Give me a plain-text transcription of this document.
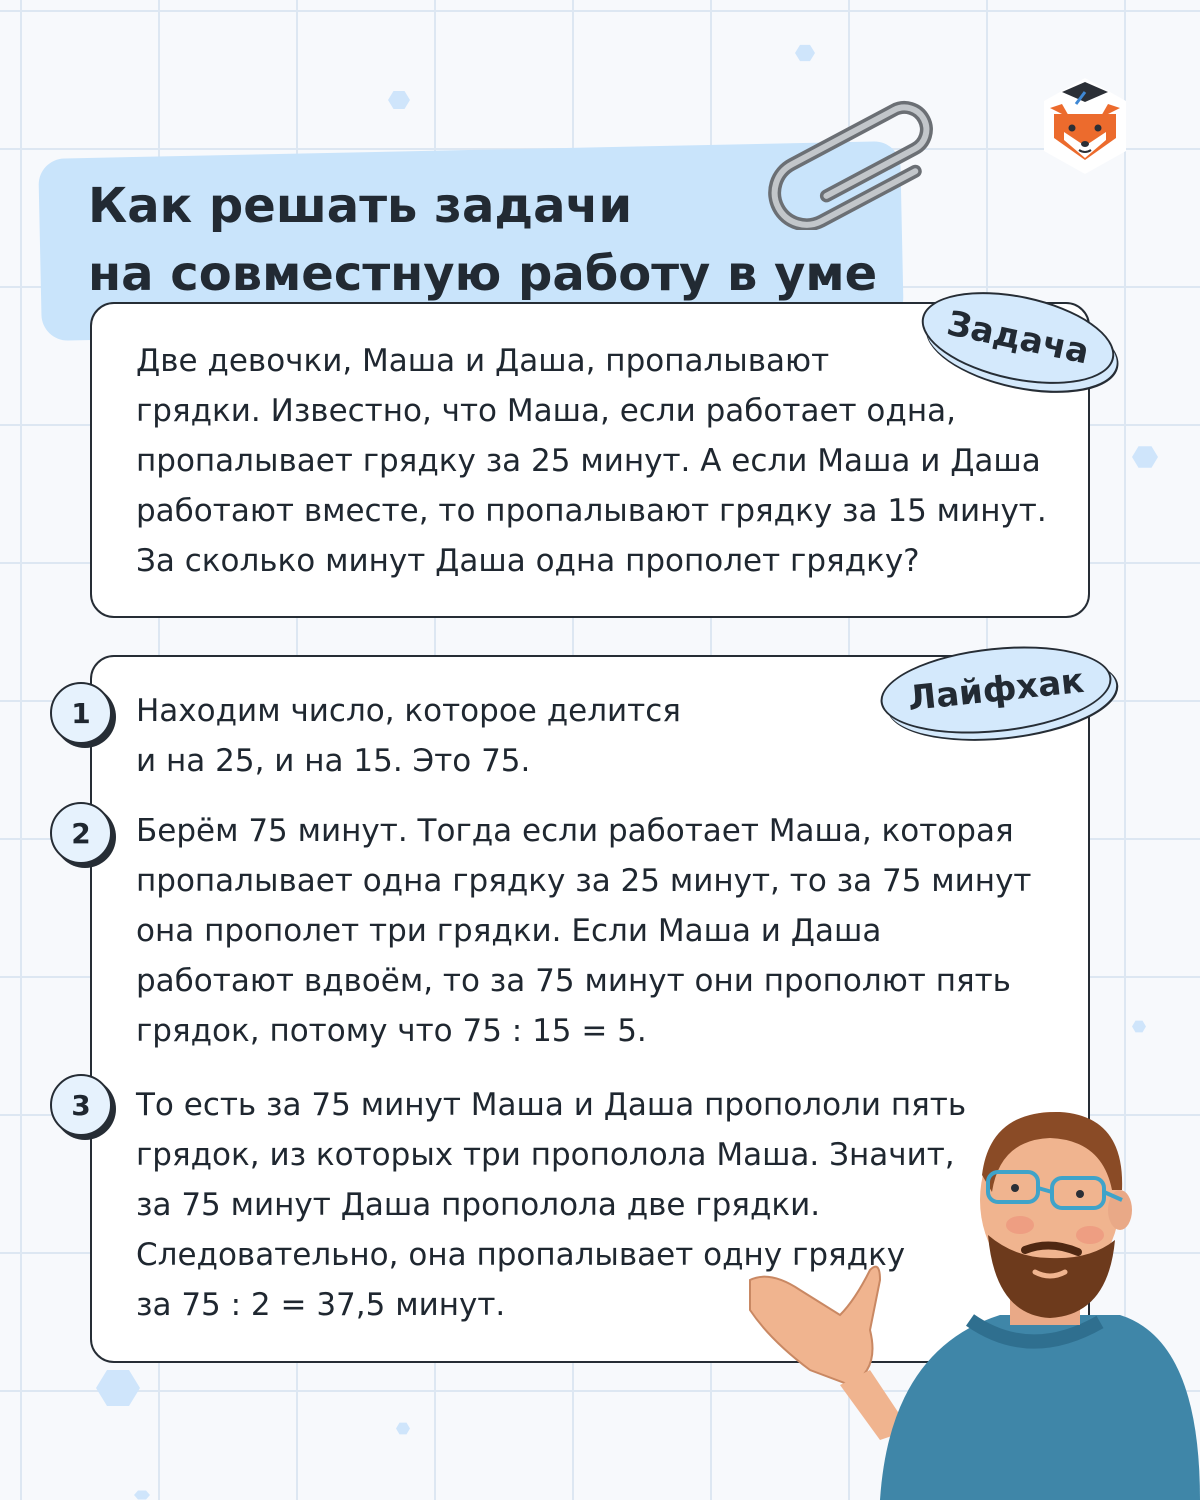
Как решать задачи
на совместную работу в уме
Задача

Две девочки, Маша и Даша, пропалывают
грядки. Известно, что Маша, если работает одна,
пропалывает грядку за 25 минут. А если Маша и Даша
работают вместе, то пропалывают грядку за 15 минут.
За сколько минут Даша одна прополет грядку?

Лайфхак
1	Находим число, которое делится
и на 25, и на 15. Это 75.

2	Берём 75 минут. Тогда если работает Маша, которая
пропалывает одна грядку за 25 минут, то за 75 минут
она прополет три грядки. Если Маша и Даша
работают вдвоём, то за 75 минут они прополют пять
грядок, потому что 75 : 15 = 5.

3	То есть за 75 минут Маша и Даша пропололи пять
грядок, из которых три прополола Маша. Значит,
за 75 минут Даша прополола две грядки.
Следовательно, она пропалывает одну грядку
за 75 : 2 = 37,5 минут.
